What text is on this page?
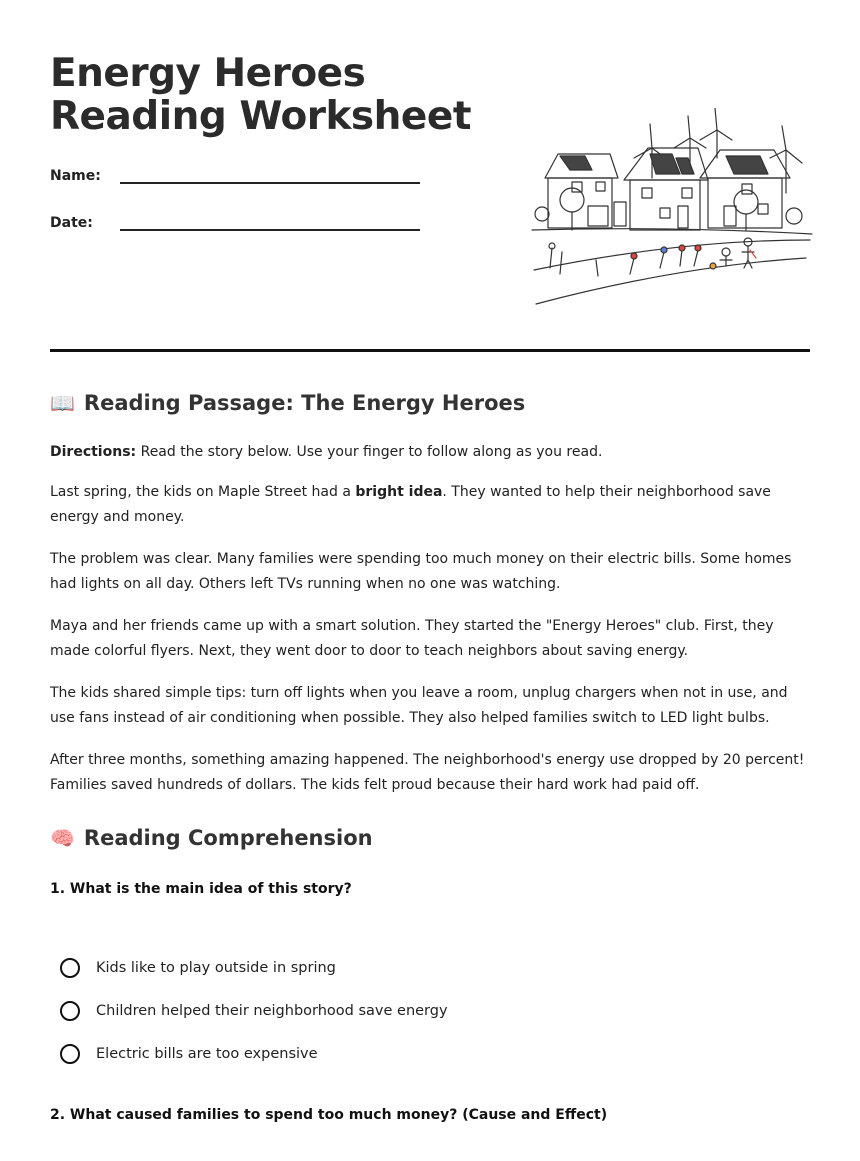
Energy Heroes Reading Worksheet
Name:
Date:
📖 Reading Passage: The Energy Heroes

Directions: Read the story below. Use your finger to follow along as you read.

Last spring, the kids on Maple Street had a bright idea. They wanted to help their neighborhood save energy and money.

The problem was clear. Many families were spending too much money on their electric bills. Some homes had lights on all day. Others left TVs running when no one was watching.

Maya and her friends came up with a smart solution. They started the "Energy Heroes" club. First, they made colorful flyers. Next, they went door to door to teach neighbors about saving energy.

The kids shared simple tips: turn off lights when you leave a room, unplug chargers when not in use, and use fans instead of air conditioning when possible. They also helped families switch to LED light bulbs.

After three months, something amazing happened. The neighborhood's energy use dropped by 20 percent! Families saved hundreds of dollars. The kids felt proud because their hard work had paid off.

🧠 Reading Comprehension

1. What is the main idea of this story?

Kids like to play outside in spring
Children helped their neighborhood save energy
Electric bills are too expensive

2. What caused families to spend too much money? (Cause and Effect)
